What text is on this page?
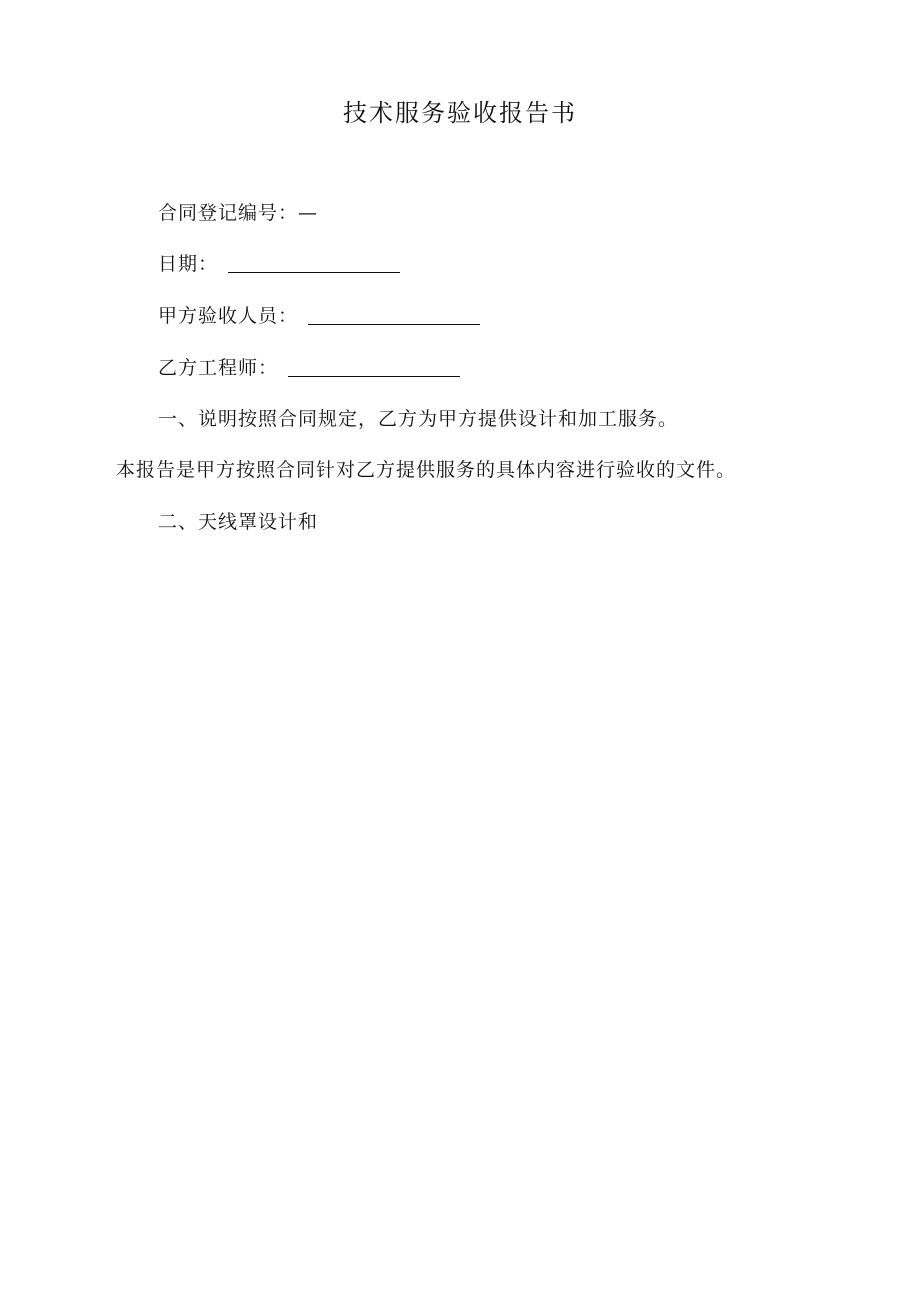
技术服务验收报告书
合同登记编号：—
日期：
甲方验收人员：
乙方工程师：
一、说明按照合同规定，乙方为甲方提供设计和加工服务。
本报告是甲方按照合同针对乙方提供服务的具体内容进行验收的文件。
二、天线罩设计和
